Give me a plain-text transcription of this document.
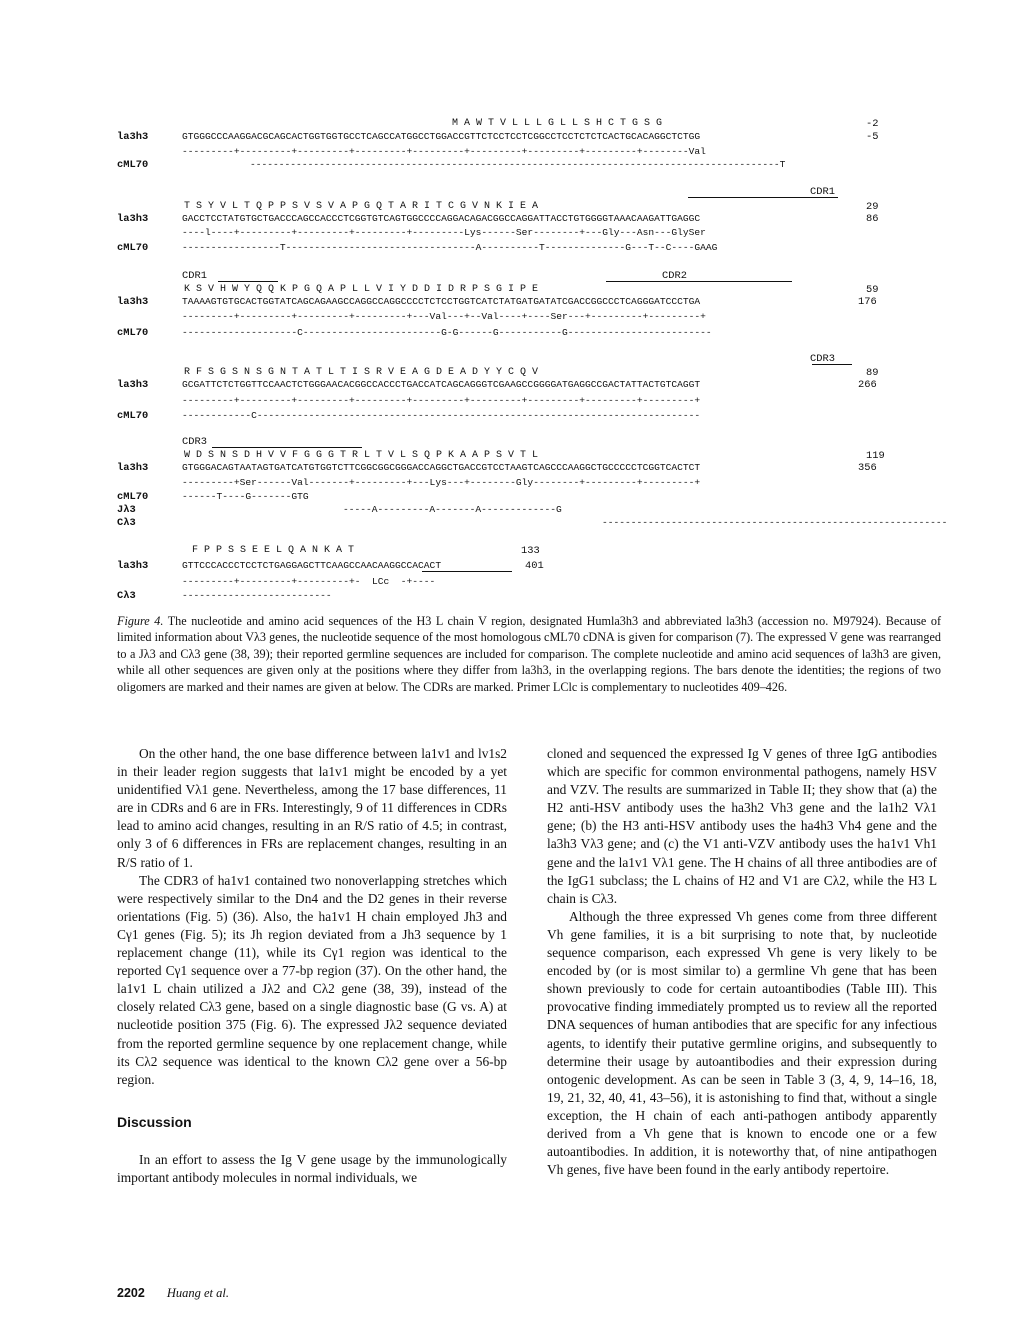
M A W T V L L L G L L S H C T G S G	-2
la3h3	GTGGGCCCAAGGACGCAGCACTGGTGGTGCCTCAGCCATGGCCTGGACCGTTCTCCTCCTCGGCCTCCTCTCTCACTGCACAGGCTCTGG	-5
---------+---------+---------+---------+---------+---------+---------+---------+--------Val
cML70	--------------------------------------------------------------------------------------------T
CDR1
T S Y V L T Q P P S V S V A P G Q T A R I T C G V N K I E A	29
la3h3	GACCTCCTATGTGCTGACCCAGCCACCCTCGGTGTCAGTGGCCCCAGGACAGACGGCCAGGATTACCTGTGGGGTAAACAAGATTGAGGC	86
----l----+---------+---------+---------+---------Lys------Ser--------+---Gly---Asn---GlySer
cML70	-----------------T---------------------------------A----------T--------------G---T--C----GAAG
CDR1	CDR2
K S V H W Y Q Q K P G Q A P L L V I Y D D I D R P S G I P E	59
la3h3	TAAAAGTGTGCACTGGTATCAGCAGAAGCCAGGCCAGGCCCCTCTCCTGGTCATCTATGATGATATCGACCGGCCCTCAGGGATCCCTGA	176
---------+---------+---------+---------+---Val---+--Val----+----Ser---+---------+---------+
cML70	--------------------C------------------------G-G------G-----------G-------------------------
CDR3
R F S G S N S G N T A T L T I S R V E A G D E A D Y Y C Q V	89
la3h3	GCGATTCTCTGGTTCCAACTCTGGGAACACGGCCACCCTGACCATCAGCAGGGTCGAAGCCGGGGATGAGGCCGACTATTACTGTCAGGT	266
---------+---------+---------+---------+---------+---------+---------+---------+---------+
cML70	------------C-----------------------------------------------------------------------------
CDR3
W D S N S D H V V F G G G T R L T V L S Q P K A A P S V T L	119
la3h3	GTGGGACAGTAATAGTGATCATGTGGTCTTCGGCGGCGGGACCAGGCTGACCGTCCTAAGTCAGCCCAAGGCTGCCCCCTCGGTCACTCT	356
---------+Ser------Val-------+---------+---Lys---+--------Gly--------+---------+---------+
cML70	------T----G-------GTG
Jλ3	-----A---------A-------A-------------G
Cλ3	------------------------------------------------------------
F P P S S E E L Q A N K A T	133
la3h3	GTTCCCACCCTCCTCTGAGGAGCTTCAAGCCAACAAGGCCACACT	401
---------+---------+---------+-  LCc  -+----
Cλ3	--------------------------
Figure 4. The nucleotide and amino acid sequences of the H3 L chain V region, designated Humla3h3 and abbreviated la3h3 (accession no. M97924). Because of limited information about Vλ3 genes, the nucleotide sequence of the most homologous cML70 cDNA is given for comparison (7). The expressed V gene was rearranged to a Jλ3 and Cλ3 gene (38, 39); their reported germline sequences are included for comparison. The complete nucleotide and amino acid sequences of la3h3 are given, while all other sequences are given only at the positions where they differ from la3h3, in the overlapping regions. The bars denote the identities; the regions of two oligomers are marked and their names are given at below. The CDRs are marked. Primer LClc is complementary to nucleotides 409–426.

On the other hand, the one base difference between la1v1 and lv1s2 in their leader region suggests that la1v1 might be encoded by a yet unidentified Vλ1 gene. Nevertheless, among the 17 base differences, 11 are in CDRs and 6 are in FRs. Interestingly, 9 of 11 differences in CDRs lead to amino acid changes, resulting in an R/S ratio of 4.5; in contrast, only 3 of 6 differences in FRs are replacement changes, resulting in an R/S ratio of 1.

The CDR3 of ha1v1 contained two nonoverlapping stretches which were respectively similar to the Dn4 and the D2 genes in their reverse orientations (Fig. 5) (36). Also, the ha1v1 H chain employed Jh3 and Cγ1 genes (Fig. 5); its Jh region deviated from a Jh3 sequence by 1 replacement change (11), while its Cγ1 region was identical to the reported Cγ1 sequence over a 77-bp region (37). On the other hand, the la1v1 L chain utilized a Jλ2 and Cλ2 gene (38, 39), instead of the closely related Cλ3 gene, based on a single diagnostic base (G vs. A) at nucleotide position 375 (Fig. 6). The expressed Jλ2 sequence deviated from the reported germline sequence by one replacement change, while its Cλ2 sequence was identical to the known Cλ2 gene over a 56-bp region.

Discussion

In an effort to assess the Ig V gene usage by the immunologically important antibody molecules in normal individuals, we

cloned and sequenced the expressed Ig V genes of three IgG antibodies which are specific for common environmental pathogens, namely HSV and VZV. The results are summarized in Table II; they show that (a) the H2 anti-HSV antibody uses the ha3h2 Vh3 gene and the la1h2 Vλ1 gene; (b) the H3 anti-HSV antibody uses the ha4h3 Vh4 gene and the la3h3 Vλ3 gene; and (c) the V1 anti-VZV antibody uses the ha1v1 Vh1 gene and the la1v1 Vλ1 gene. The H chains of all three antibodies are of the IgG1 subclass; the L chains of H2 and V1 are Cλ2, while the H3 L chain is Cλ3.

Although the three expressed Vh genes come from three different Vh gene families, it is a bit surprising to note that, by nucleotide sequence comparison, each expressed Vh gene is very likely to be encoded by (or is most similar to) a germline Vh gene that has been shown previously to code for certain autoantibodies (Table III). This provocative finding immediately prompted us to review all the reported DNA sequences of human antibodies that are specific for any infectious agents, to identify their putative germline origins, and subsequently to determine their usage by autoantibodies and their expression during ontogenic development. As can be seen in Table 3 (3, 4, 9, 14–16, 18, 19, 21, 32, 40, 41, 43–56), it is astonishing to find that, without a single exception, the H chain of each anti-pathogen antibody apparently derived from a Vh gene that is known to encode one or a few autoantibodies. In addition, it is noteworthy that, of nine antipathogen Vh genes, five have been found in the early antibody repertoire.

2202 Huang et al.
